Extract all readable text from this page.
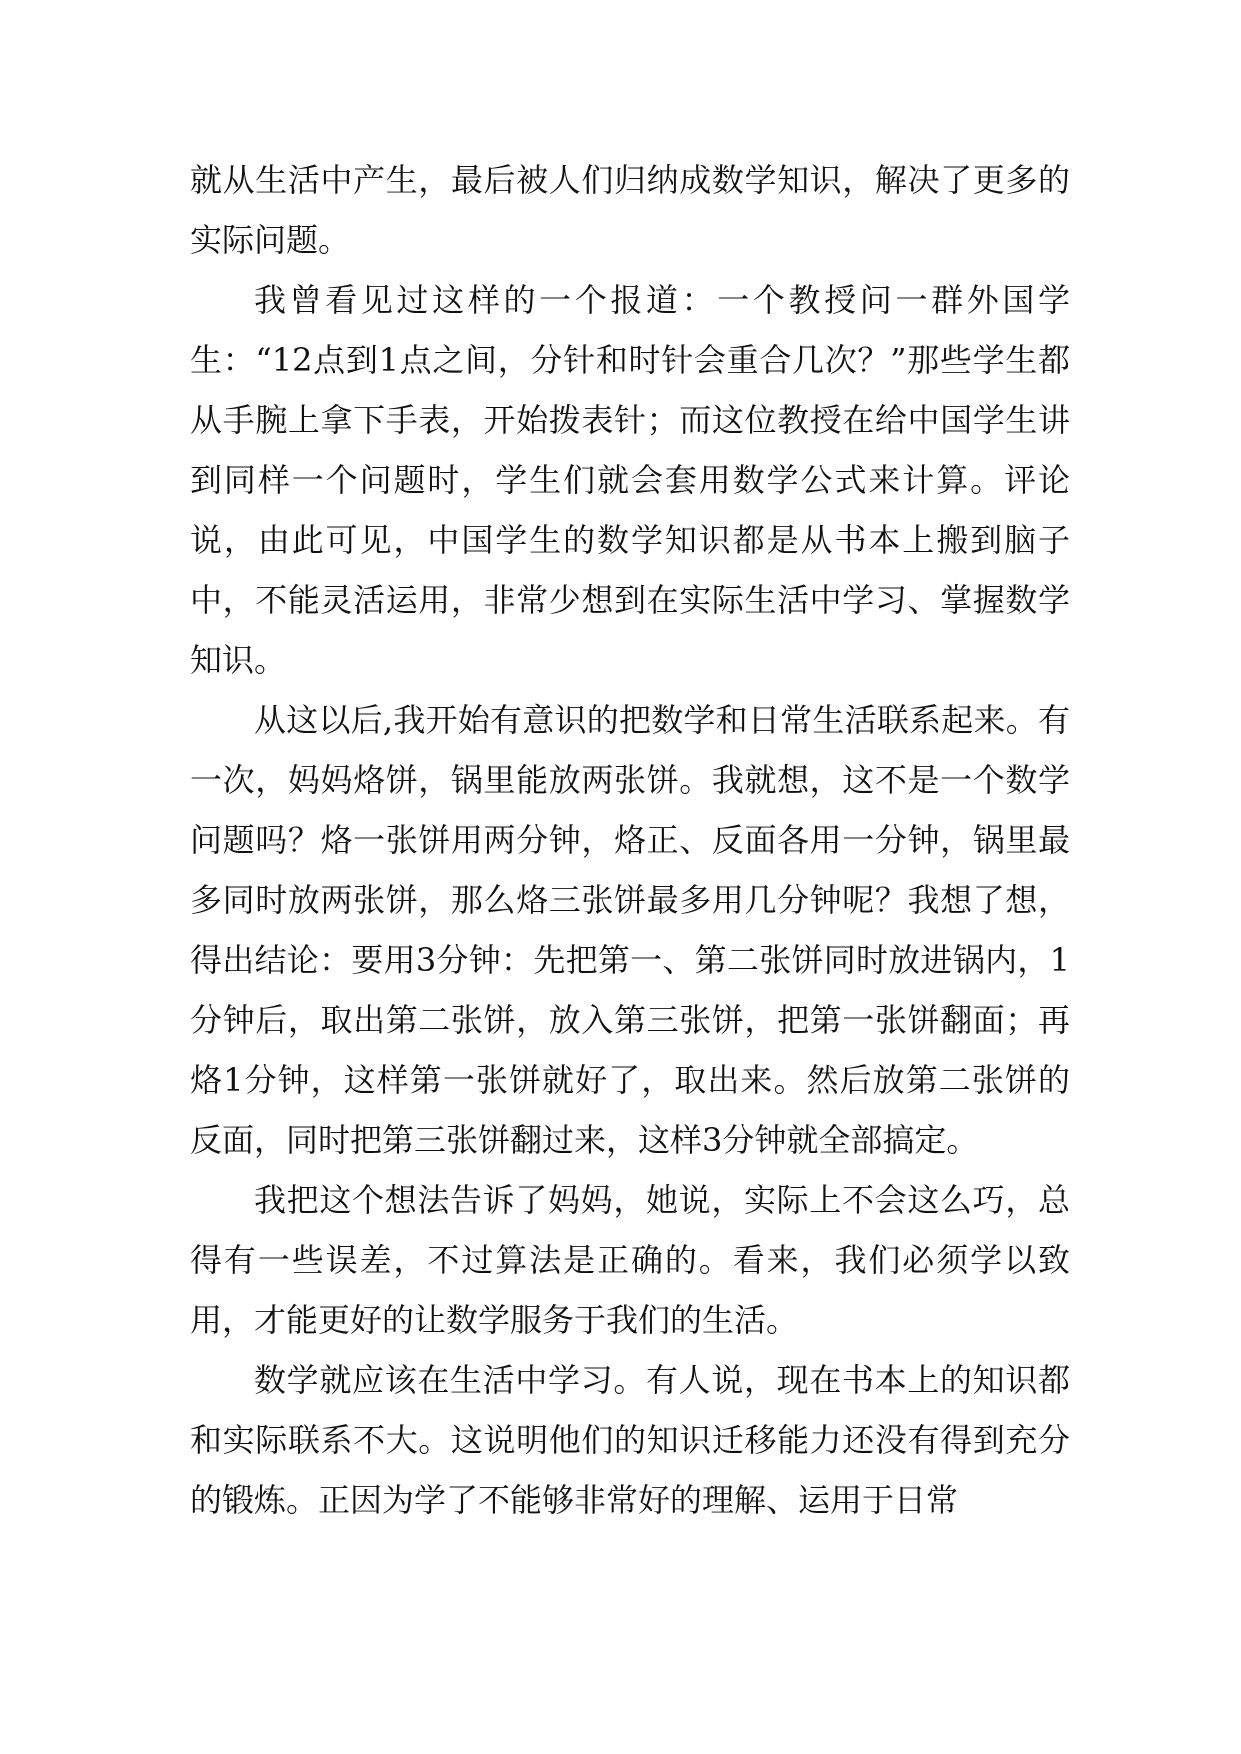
就从生活中产生，最后被人们归纳成数学知识，解决了更多的实际问题。

我曾看见过这样的一个报道：一个教授问一群外国学生：“12点到1点之间，分针和时针会重合几次？”那些学生都从手腕上拿下手表，开始拨表针；而这位教授在给中国学生讲到同样一个问题时，学生们就会套用数学公式来计算。评论说，由此可见，中国学生的数学知识都是从书本上搬到脑子中，不能灵活运用，非常少想到在实际生活中学习、掌握数学知识。

从这以后,我开始有意识的把数学和日常生活联系起来。有一次，妈妈烙饼，锅里能放两张饼。我就想，这不是一个数学问题吗？烙一张饼用两分钟，烙正、反面各用一分钟，锅里最多同时放两张饼，那么烙三张饼最多用几分钟呢？我想了想，得出结论：要用3分钟：先把第一、第二张饼同时放进锅内，1分钟后，取出第二张饼，放入第三张饼，把第一张饼翻面；再烙1分钟，这样第一张饼就好了，取出来。然后放第二张饼的反面，同时把第三张饼翻过来，这样3分钟就全部搞定。

我把这个想法告诉了妈妈，她说，实际上不会这么巧，总得有一些误差，不过算法是正确的。看来，我们必须学以致用，才能更好的让数学服务于我们的生活。

数学就应该在生活中学习。有人说，现在书本上的知识都和实际联系不大。这说明他们的知识迁移能力还没有得到充分的锻炼。正因为学了不能够非常好的理解、运用于日常
